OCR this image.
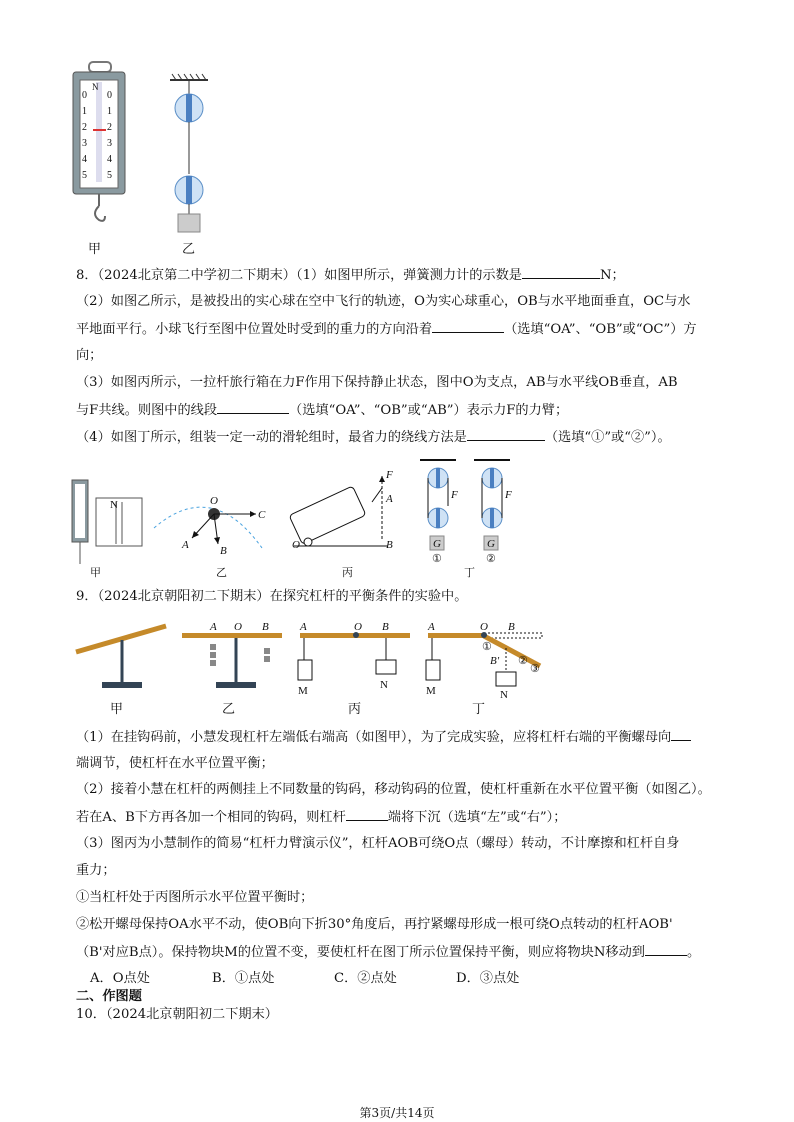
0
1
2
3
4
5
0
1
2
3
4
5
N
甲	乙
8．（2024北京第二中学初二下期末）（1）如图甲所示，弹簧测力计的示数是	N；
（2）如图乙所示，是被投出的实心球在空中飞行的轨迹，O为实心球重心，OB与水平地面垂直，OC与水
平地面平行。小球飞行至图中位置处时受到的重力的方向沿着	（选填“OA”、“OB”或“OC”）方
向；
（3）如图丙所示，一拉杆旅行箱在力F作用下保持静止状态，图中O为支点，AB与水平线OB垂直，AB
与F共线。则图中的线段	（选填“OA”、“OB”或“AB”）表示力F的力臂；
（4）如图丁所示，组装一定一动的滑轮组时，最省力的绕线方法是	（选填“①”或“②”）。
N	O
C
B
A
F
A
B
O
F	F
G	G
①	②
甲	乙	丙	丁
9．（2024北京朝阳初二下期末）在探究杠杆的平衡条件的实验中。
A O B	A	O B
M	N
A	O B
B'
①
②
③
M	N
甲	乙	丙	丁
（1）在挂钩码前，小慧发现杠杆左端低右端高（如图甲），为了完成实验，应将杠杆右端的平衡螺母向
端调节，使杠杆在水平位置平衡；
（2）接着小慧在杠杆的两侧挂上不同数量的钩码，移动钩码的位置，使杠杆重新在水平位置平衡（如图乙）。
若在A、B下方再各加一个相同的钩码，则杠杆	端将下沉（选填“左”或“右”）；
（3）图丙为小慧制作的简易“杠杆力臂演示仪”，杠杆AOB可绕O点（螺母）转动，不计摩擦和杠杆自身
重力；
①当杠杆处于丙图所示水平位置平衡时；
②松开螺母保持OA水平不动，使OB向下折30°角度后，再拧紧螺母形成一根可绕O点转动的杠杆AOB'
（B'对应B点）。保持物块M的位置不变，要使杠杆在图丁所示位置保持平衡，则应将物块N移动到	。
A．O点处	B．①点处	C．②点处	D．③点处
二、作图题
10．（2024北京朝阳初二下期末）
第3页/共14页
